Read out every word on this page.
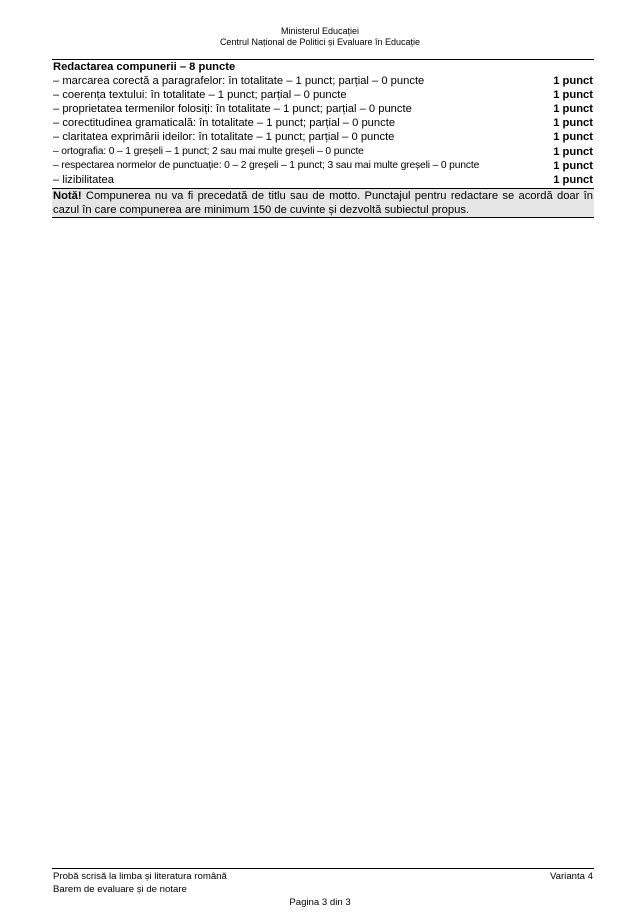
Ministerul Educației
Centrul Național de Politici și Evaluare în Educație
Redactarea compunerii – 8 puncte
– marcarea corectă a paragrafelor: în totalitate – 1 punct; parțial – 0 puncte	1 punct
– coerența textului: în totalitate – 1 punct; parțial – 0 puncte	1 punct
– proprietatea termenilor folosiți: în totalitate – 1 punct; parțial – 0 puncte	1 punct
– corectitudinea gramaticală: în totalitate – 1 punct; parțial – 0 puncte	1 punct
– claritatea exprimării ideilor: în totalitate – 1 punct; parțial – 0 puncte	1 punct
– ortografia: 0 – 1 greșeli – 1 punct; 2 sau mai multe greșeli – 0 puncte	1 punct
– respectarea normelor de punctuație: 0 – 2 greșeli – 1 punct; 3 sau mai multe greșeli – 0 puncte	1 punct
– lizibilitatea	1 punct
Notă! Compunerea nu va fi precedată de titlu sau de motto. Punctajul pentru redactare se acordă doar în cazul în care compunerea are minimum 150 de cuvinte și dezvoltă subiectul propus.
Probă scrisă la limba și literatura română	Varianta 4
Barem de evaluare și de notare
Pagina 3 din 3
